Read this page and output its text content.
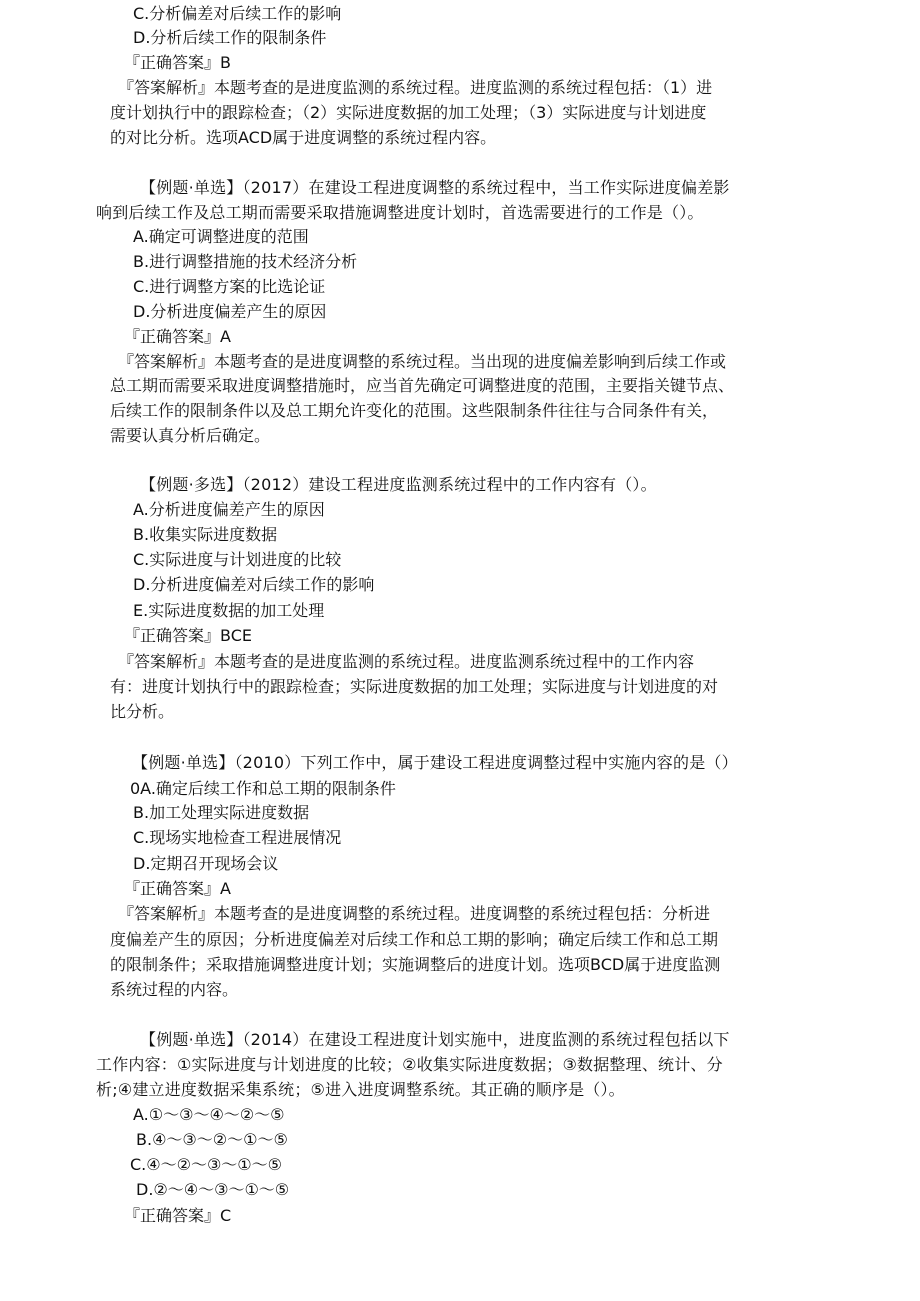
C.分析偏差对后续工作的影响
D.分析后续工作的限制条件
『正确答案』B
『答案解析』本题考查的是进度监测的系统过程。进度监测的系统过程包括：（1）进
度计划执行中的跟踪检查；（2）实际进度数据的加工处理；（3）实际进度与计划进度
的对比分析。选项ACD属于进度调整的系统过程内容。
【例题·单选】（2017）在建设工程进度调整的系统过程中，当工作实际进度偏差影
响到后续工作及总工期而需要采取措施调整进度计划时，首选需要进行的工作是（）。
A.确定可调整进度的范围
B.进行调整措施的技术经济分析
C.进行调整方案的比选论证
D.分析进度偏差产生的原因
『正确答案』A
『答案解析』本题考查的是进度调整的系统过程。当出现的进度偏差影响到后续工作或
总工期而需要采取进度调整措施时，应当首先确定可调整进度的范围，主要指关键节点、
后续工作的限制条件以及总工期允许变化的范围。这些限制条件往往与合同条件有关，
需要认真分析后确定。
【例题·多选】（2012）建设工程进度监测系统过程中的工作内容有（）。
A.分析进度偏差产生的原因
B.收集实际进度数据
C.实际进度与计划进度的比较
D.分析进度偏差对后续工作的影响
E.实际进度数据的加工处理
『正确答案』BCE
『答案解析』本题考查的是进度监测的系统过程。进度监测系统过程中的工作内容
有：进度计划执行中的跟踪检查；实际进度数据的加工处理；实际进度与计划进度的对
比分析。
【例题·单选】（2010）下列工作中，属于建设工程进度调整过程中实施内容的是（）
0A.确定后续工作和总工期的限制条件
B.加工处理实际进度数据
C.现场实地检查工程进展情况
D.定期召开现场会议
『正确答案』A
『答案解析』本题考查的是进度调整的系统过程。进度调整的系统过程包括：分析进
度偏差产生的原因；分析进度偏差对后续工作和总工期的影响；确定后续工作和总工期
的限制条件；采取措施调整进度计划；实施调整后的进度计划。选项BCD属于进度监测
系统过程的内容。
【例题·单选】（2014）在建设工程进度计划实施中，进度监测的系统过程包括以下
工作内容：①实际进度与计划进度的比较；②收集实际进度数据；③数据整理、统计、分
析;④建立进度数据采集系统；⑤进入进度调整系统。其正确的顺序是（）。
A.①～③～④～②～⑤
B.④～③～②～①～⑤
C.④～②～③～①～⑤
D.②～④～③～①～⑤
『正确答案』C
